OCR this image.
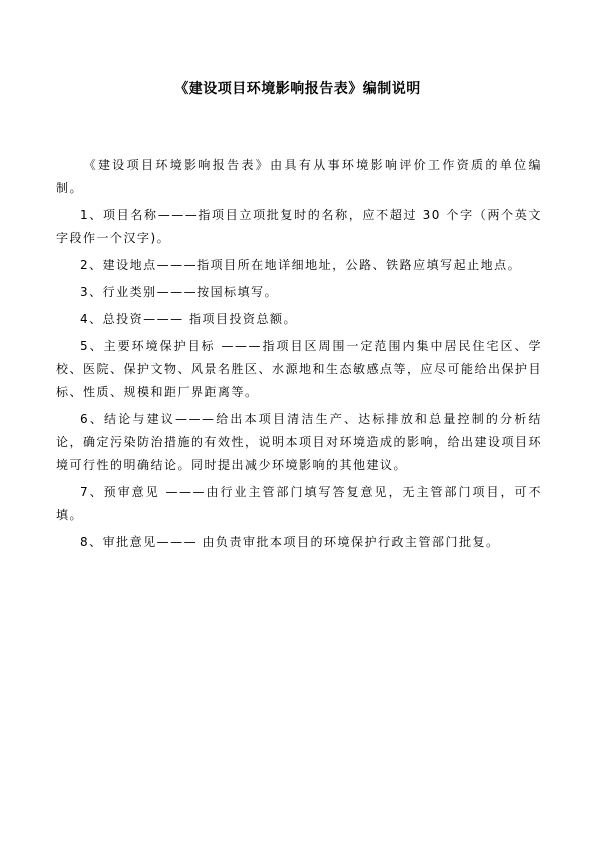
《建设项目环境影响报告表》编制说明

《建设项目环境影响报告表》由具有从事环境影响评价工作资质的单位编制。

1、项目名称———指项目立项批复时的名称，应不超过 30 个字（两个英文字段作一个汉字)。

2、建设地点———指项目所在地详细地址，公路、铁路应填写起止地点。

3、行业类别———按国标填写。

4、总投资——— 指项目投资总额。

5、主要环境保护目标 ———指项目区周围一定范围内集中居民住宅区、学校、医院、保护文物、风景名胜区、水源地和生态敏感点等，应尽可能给出保护目标、性质、规模和距厂界距离等。

6、结论与建议———给出本项目清洁生产、达标排放和总量控制的分析结论，确定污染防治措施的有效性，说明本项目对环境造成的影响，给出建设项目环境可行性的明确结论。同时提出减少环境影响的其他建议。

7、预审意见 ———由行业主管部门填写答复意见，无主管部门项目，可不填。

8、审批意见——— 由负责审批本项目的环境保护行政主管部门批复。
